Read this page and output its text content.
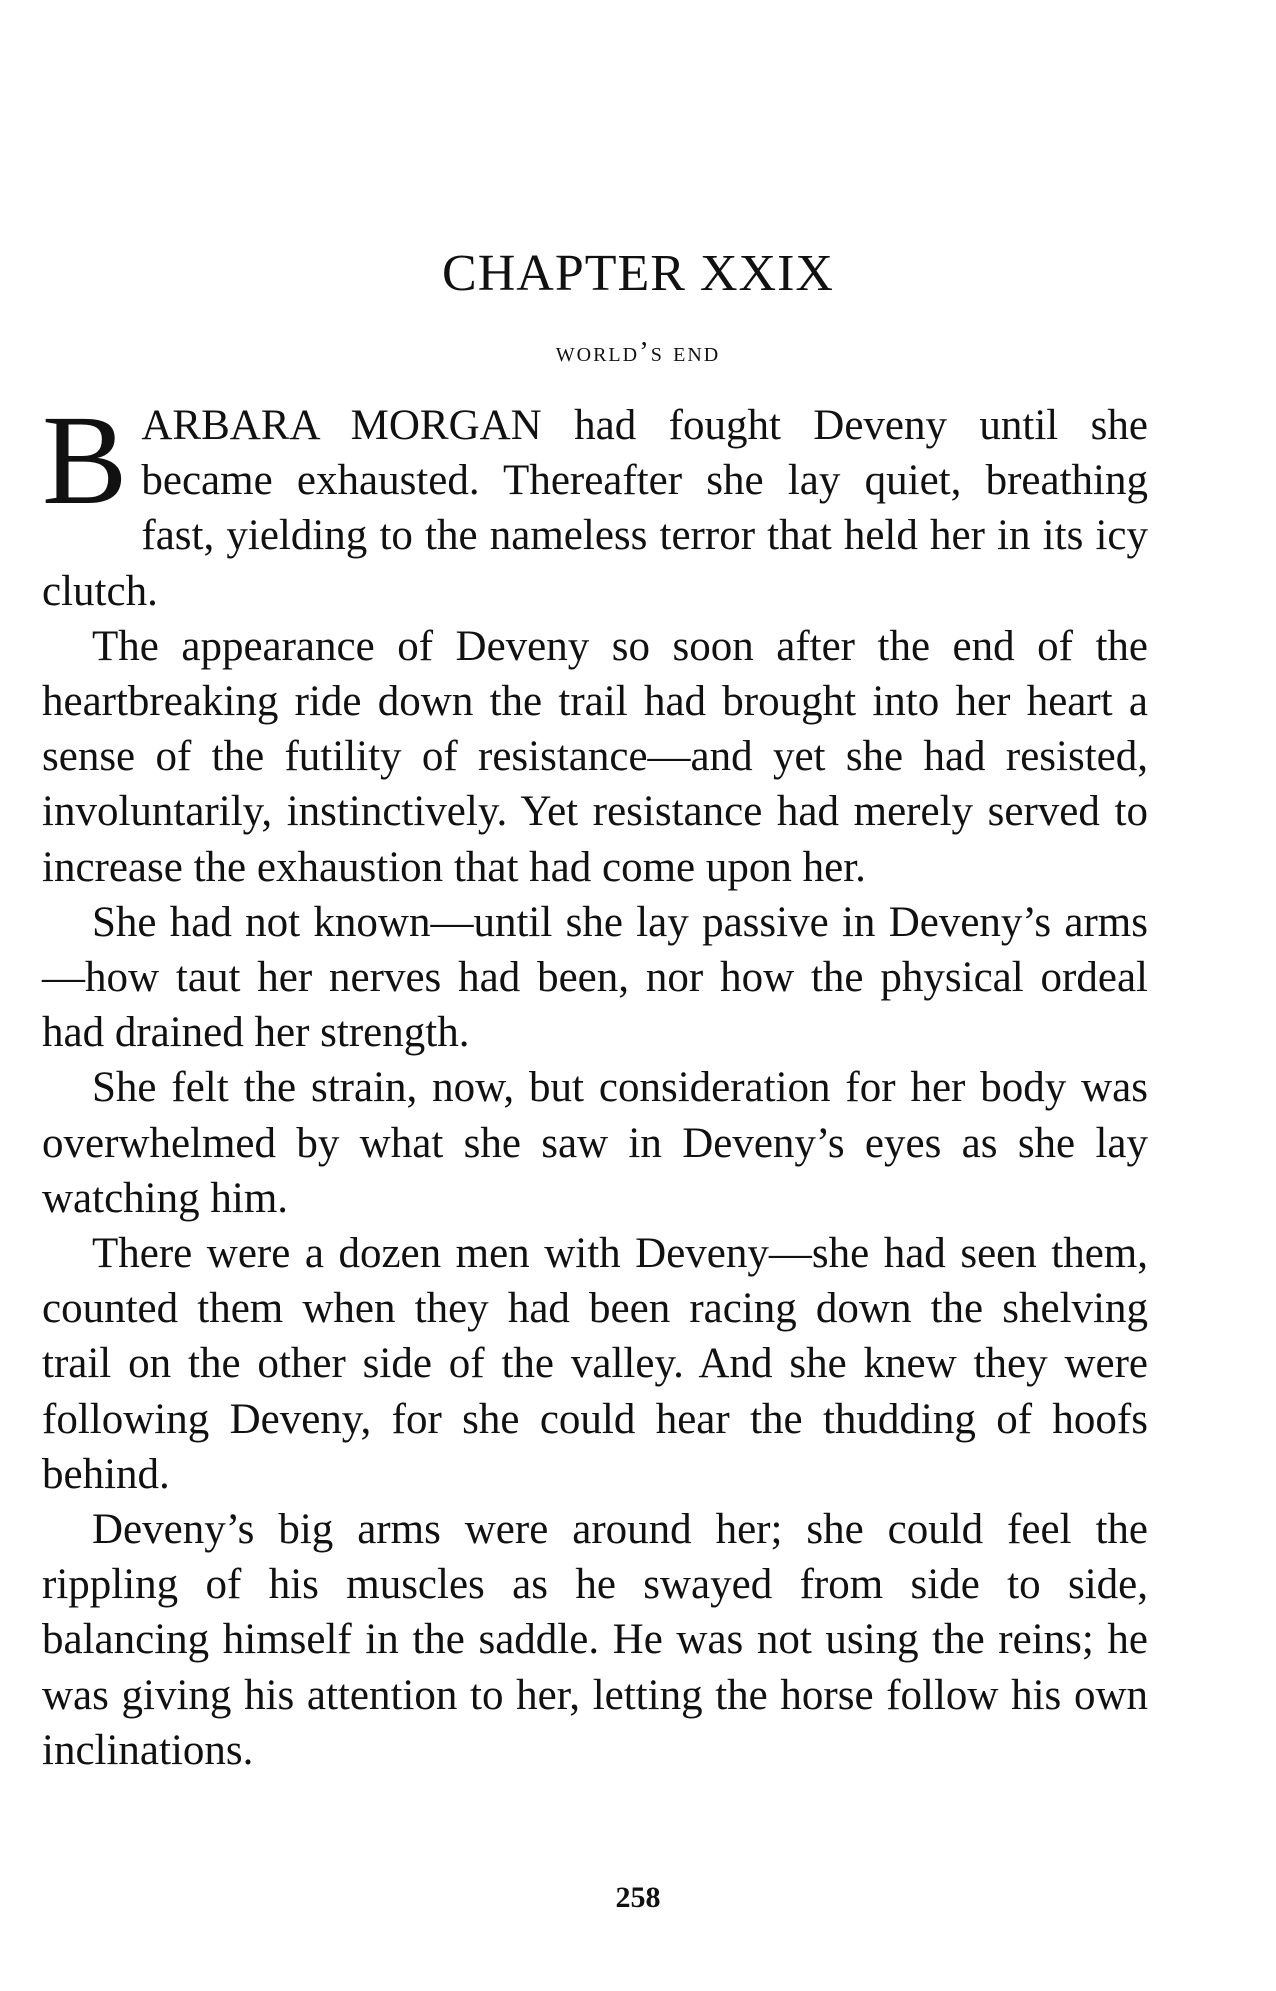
CHAPTER XXIX
world’s end

BARBARA MORGAN had fought Deveny until she became exhausted. Thereafter she lay quiet, breathing fast, yielding to the nameless terror that held her in its icy clutch.

The appearance of Deveny so soon after the end of the heartbreaking ride down the trail had brought into her heart a sense of the futility of resistance—and yet she had resisted, involuntarily, instinctively. Yet resistance had merely served to increase the exhaustion that had come upon her.

She had not known—until she lay passive in Deveny’s arms—how taut her nerves had been, nor how the physical ordeal had drained her strength.

She felt the strain, now, but consideration for her body was overwhelmed by what she saw in Deveny’s eyes as she lay watching him.

There were a dozen men with Deveny—she had seen them, counted them when they had been racing down the shelving trail on the other side of the valley. And she knew they were following Deveny, for she could hear the thudding of hoofs behind.

Deveny’s big arms were around her; she could feel the rippling of his muscles as he swayed from side to side, balancing himself in the saddle. He was not using the reins; he was giving his attention to her, letting the horse follow his own inclinations.

258
